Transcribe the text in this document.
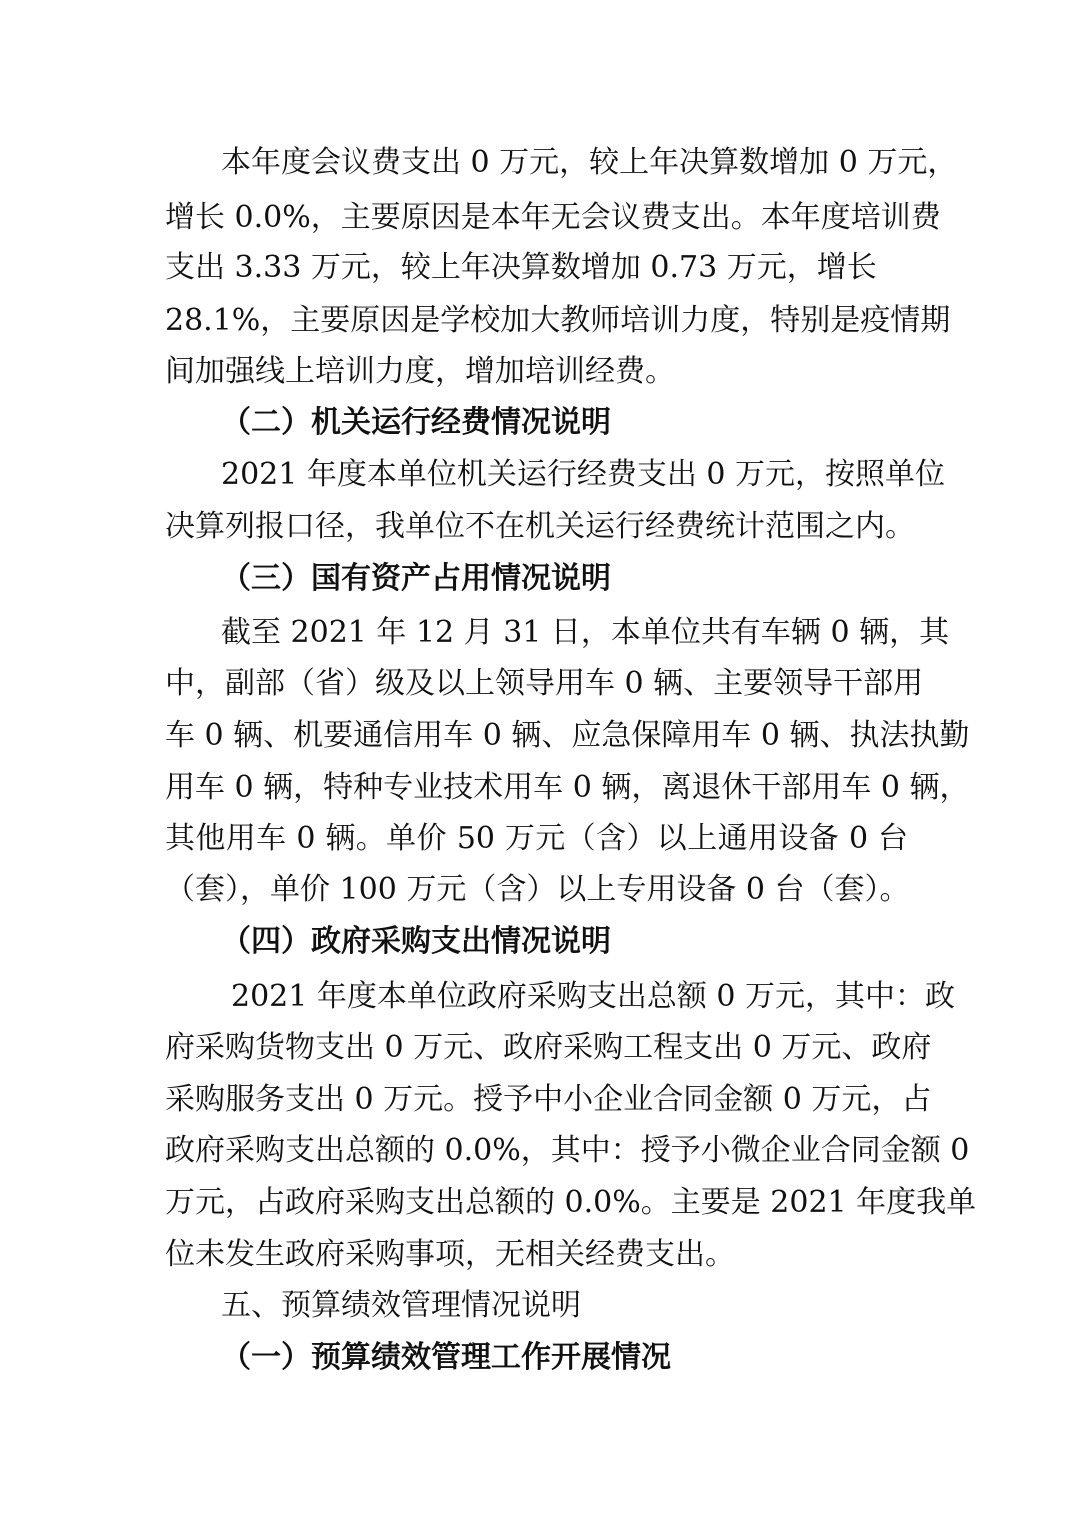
本年度会议费支出 0 万元，较上年决算数增加 0 万元，
增长 0.0%，主要原因是本年无会议费支出。本年度培训费
支出 3.33 万元，较上年决算数增加 0.73 万元，增长
28.1%，主要原因是学校加大教师培训力度，特别是疫情期
间加强线上培训力度，增加培训经费。
（二）机关运行经费情况说明
2021 年度本单位机关运行经费支出 0 万元，按照单位
决算列报口径，我单位不在机关运行经费统计范围之内。
（三）国有资产占用情况说明
截至 2021 年 12 月 31 日，本单位共有车辆 0 辆，其
中，副部（省）级及以上领导用车 0 辆、主要领导干部用
车 0 辆、机要通信用车 0 辆、应急保障用车 0 辆、执法执勤
用车 0 辆，特种专业技术用车 0 辆，离退休干部用车 0 辆，
其他用车 0 辆。单价 50 万元（含）以上通用设备 0 台
（套），单价 100 万元（含）以上专用设备 0 台（套）。
（四）政府采购支出情况说明
2021 年度本单位政府采购支出总额 0 万元，其中：政
府采购货物支出 0 万元、政府采购工程支出 0 万元、政府
采购服务支出 0 万元。授予中小企业合同金额 0 万元，占
政府采购支出总额的 0.0%，其中：授予小微企业合同金额 0
万元，占政府采购支出总额的 0.0%。主要是 2021 年度我单
位未发生政府采购事项，无相关经费支出。
五、预算绩效管理情况说明
（一）预算绩效管理工作开展情况
